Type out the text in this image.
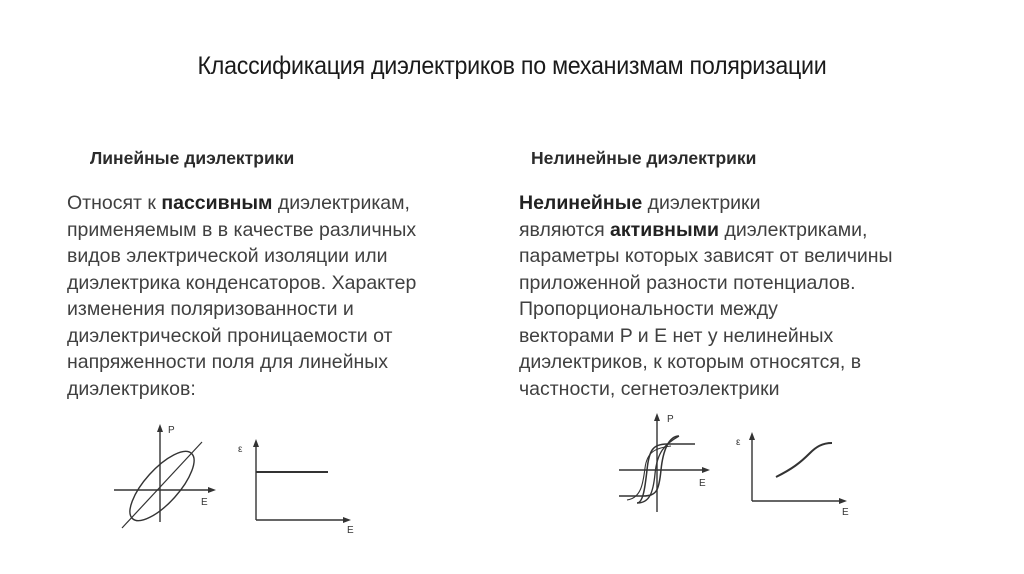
Классификация диэлектриков по механизмам поляризации
Линейные диэлектрики	Нелинейные диэлектрики
Относят к пассивным диэлектрикам,
применяемым в в качестве различных
видов электрической изоляции или
диэлектрика конденсаторов. Характер
изменения поляризованности и
диэлектрической проницаемости от
напряженности поля для линейных
диэлектриков:
Нелинейные диэлектрики
являются активными диэлектриками,
параметры которых зависят от величины
приложенной разности потенциалов.
Пропорциональности между
векторами P и E нет у нелинейных
диэлектриков, к которым относятся, в
частности, сегнетоэлектрики
P
E
ε
E
P
E
ε
E
